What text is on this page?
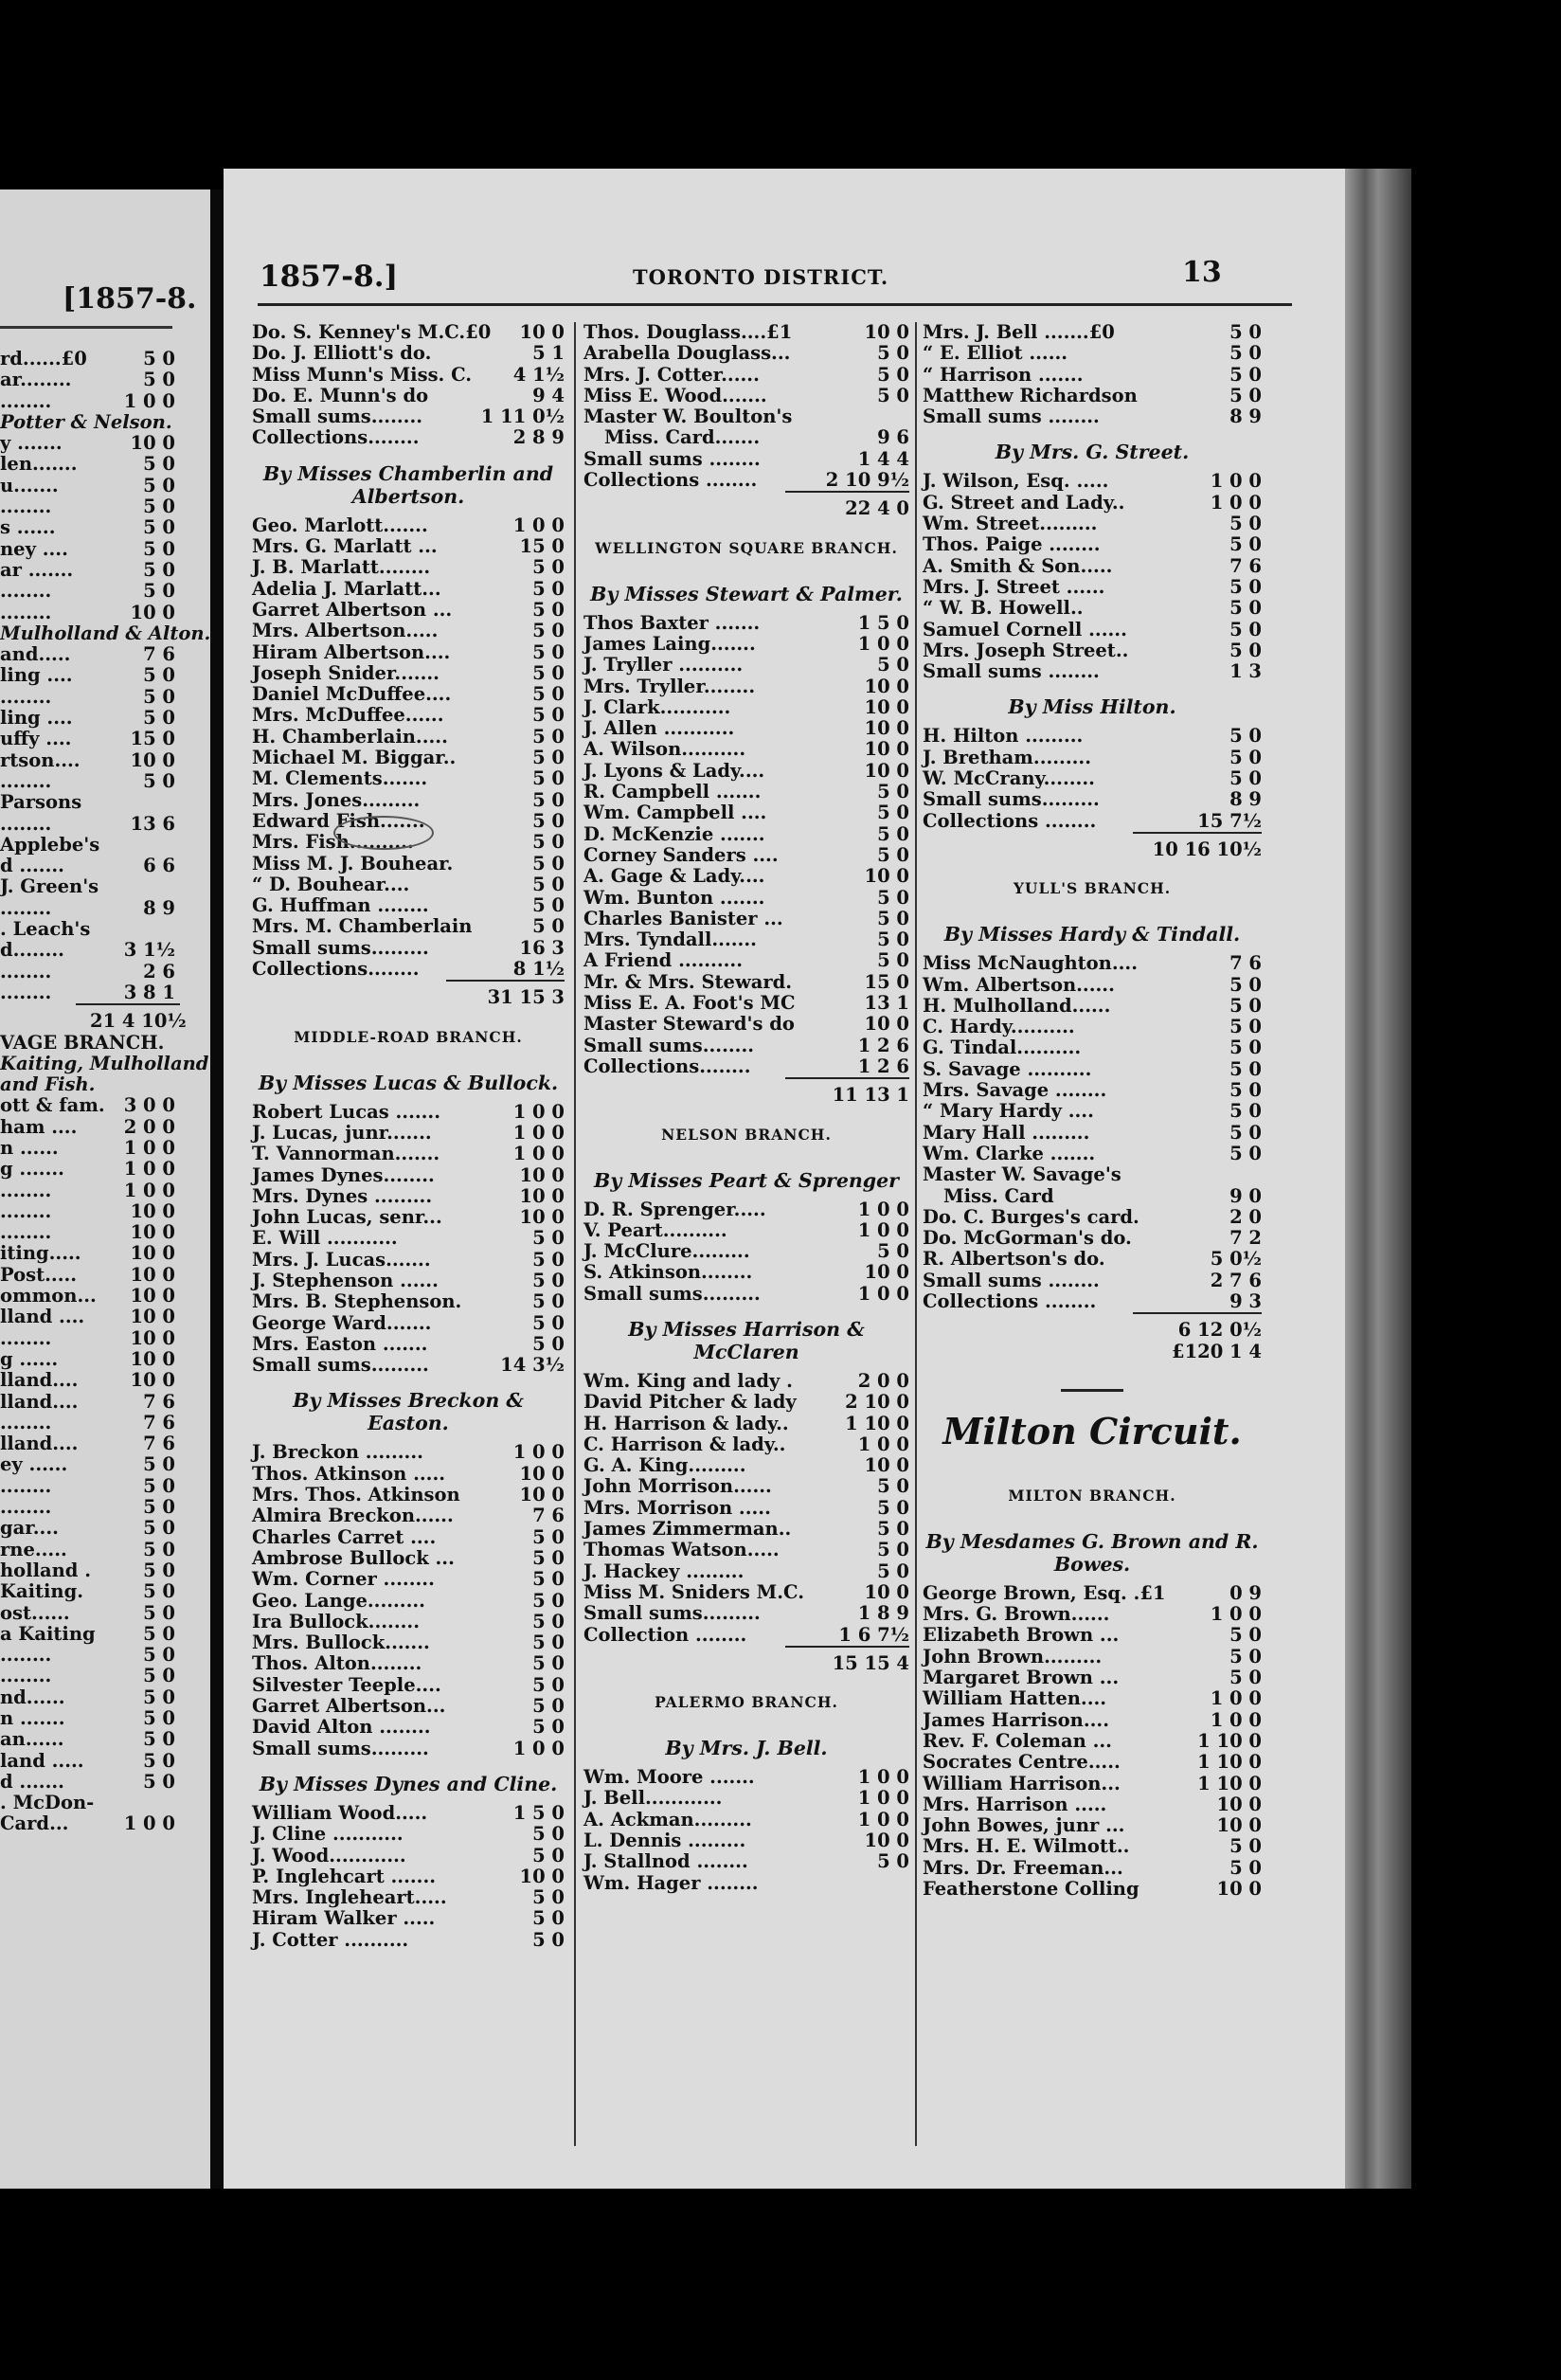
[1857-8.
rd......£0	5 0
ar........	5 0
........	1 0 0
Potter & Nelson.
y .......	10 0
len.......	5 0
u.......	5 0
........	5 0
s ......	5 0
ney ....	5 0
ar .......	5 0
........	5 0
........	10 0
Mulholland & Alton.
and.....	7 6
ling ....	5 0
........	5 0
ling ....	5 0
uffy ....	15 0
rtson....	10 0
........	5 0
Parsons
........	13 6
Applebe's
d .......	6 6
J. Green's
........	8 9
. Leach's
d........	3 1½
........	2 6
........	3 8 1
21 4 10½
VAGE BRANCH.
Kaiting, Mulholland
and Fish.
ott & fam.	3 0 0
ham ....	2 0 0
n ......	1 0 0
g .......	1 0 0
........	1 0 0
........	10 0
........	10 0
iting.....	10 0
Post.....	10 0
ommon...	10 0
lland ....	10 0
........	10 0
g ......	10 0
lland....	10 0
lland....	7 6
........	7 6
lland....	7 6
ey ......	5 0
........	5 0
........	5 0
gar....	5 0
rne.....	5 0
holland .	5 0
Kaiting.	5 0
ost......	5 0
a Kaiting	5 0
........	5 0
........	5 0
nd......	5 0
n .......	5 0
an......	5 0
land .....	5 0
d .......	5 0
. McDon-
Card...	1 0 0
1857-8.]	TORONTO DISTRICT.	13
Do. S. Kenney's M.C.£0 10 0
Do. J. Elliott's do.	5 1
Miss Munn's Miss. C. 4 1½
Do. E. Munn's do	9 4
Small sums........	1 11 0½
Collections........	2 8 9
By Misses Chamberlin and Albertson.
Geo. Marlott.......	1 0 0
Mrs. G. Marlatt ...	15 0
J. B. Marlatt........	5 0
Adelia J. Marlatt...	5 0
Garret Albertson ...	5 0
Mrs. Albertson.....	5 0
Hiram Albertson....	5 0
Joseph Snider.......	5 0
Daniel McDuffee....	5 0
Mrs. McDuffee......	5 0
H. Chamberlain.....	5 0
Michael M. Biggar..	5 0
M. Clements.......	5 0
Mrs. Jones.........	5 0
Edward Fish.......	5 0
Mrs. Fish..........	5 0
Miss M. J. Bouhear.	5 0
“ D. Bouhear....	5 0
G. Huffman ........	5 0
Mrs. M. Chamberlain	5 0
Small sums.........	16 3
Collections........	8 1½
31 15 3
MIDDLE-ROAD BRANCH.
By Misses Lucas & Bullock.
Robert Lucas .......	1 0 0
J. Lucas, junr.......	1 0 0
T. Vannorman.......	1 0 0
James Dynes........	10 0
Mrs. Dynes .........	10 0
John Lucas, senr...	10 0
E. Will ...........	5 0
Mrs. J. Lucas.......	5 0
J. Stephenson ......	5 0
Mrs. B. Stephenson.	5 0
George Ward.......	5 0
Mrs. Easton .......	5 0
Small sums.........	14 3½
By Misses Breckon & Easton.
J. Breckon .........	1 0 0
Thos. Atkinson .....	10 0
Mrs. Thos. Atkinson	10 0
Almira Breckon......	7 6
Charles Carret ....	5 0
Ambrose Bullock ...	5 0
Wm. Corner ........	5 0
Geo. Lange.........	5 0
Ira Bullock........	5 0
Mrs. Bullock.......	5 0
Thos. Alton........	5 0
Silvester Teeple....	5 0
Garret Albertson...	5 0
David Alton ........	5 0
Small sums.........	1 0 0
By Misses Dynes and Cline.
William Wood.....	1 5 0
J. Cline ...........	5 0
J. Wood............	5 0
P. Inglehcart .......	10 0
Mrs. Ingleheart.....	5 0
Hiram Walker .....	5 0
J. Cotter ..........	5 0
Thos. Douglass....£1	10 0
Arabella Douglass...	5 0
Mrs. J. Cotter......	5 0
Miss E. Wood.......	5 0
Master W. Boulton's
Miss. Card.......	9 6
Small sums ........	1 4 4
Collections ........	2 10 9½
22 4 0
WELLINGTON SQUARE BRANCH.
By Misses Stewart & Palmer.
Thos Baxter .......	1 5 0
James Laing.......	1 0 0
J. Tryller ..........	5 0
Mrs. Tryller........	10 0
J. Clark...........	10 0
J. Allen ...........	10 0
A. Wilson..........	10 0
J. Lyons & Lady....	10 0
R. Campbell .......	5 0
Wm. Campbell ....	5 0
D. McKenzie .......	5 0
Corney Sanders ....	5 0
A. Gage & Lady....	10 0
Wm. Bunton .......	5 0
Charles Banister ...	5 0
Mrs. Tyndall.......	5 0
A Friend ..........	5 0
Mr. & Mrs. Steward.	15 0
Miss E. A. Foot's MC	13 1
Master Steward's do	10 0
Small sums........	1 2 6
Collections........	1 2 6
11 13 1
NELSON BRANCH.
By Misses Peart & Sprenger
D. R. Sprenger.....	1 0 0
V. Peart..........	1 0 0
J. McClure.........	5 0
S. Atkinson........	10 0
Small sums.........	1 0 0
By Misses Harrison & McClaren
Wm. King and lady .	2 0 0
David Pitcher & lady	2 10 0
H. Harrison & lady..	1 10 0
C. Harrison & lady..	1 0 0
G. A. King.........	10 0
John Morrison......	5 0
Mrs. Morrison .....	5 0
James Zimmerman..	5 0
Thomas Watson.....	5 0
J. Hackey .........	5 0
Miss M. Sniders M.C.	10 0
Small sums.........	1 8 9
Collection ........	1 6 7½
15 15 4
PALERMO BRANCH.
By Mrs. J. Bell.
Wm. Moore .......	1 0 0
J. Bell............	1 0 0
A. Ackman.........	1 0 0
L. Dennis .........	10 0
J. Stallnod ........	5 0
Wm. Hager ........
Mrs. J. Bell .......£0	5 0
“ E. Elliot ......	5 0
“ Harrison .......	5 0
Matthew Richardson	5 0
Small sums ........	8 9
By Mrs. G. Street.
J. Wilson, Esq. .....	1 0 0
G. Street and Lady..	1 0 0
Wm. Street.........	5 0
Thos. Paige ........	5 0
A. Smith & Son.....	7 6
Mrs. J. Street ......	5 0
“ W. B. Howell..	5 0
Samuel Cornell ......	5 0
Mrs. Joseph Street..	5 0
Small sums ........	1 3
By Miss Hilton.
H. Hilton .........	5 0
J. Bretham.........	5 0
W. McCrany........	5 0
Small sums.........	8 9
Collections ........	15 7½
10 16 10½
YULL'S BRANCH.
By Misses Hardy & Tindall.
Miss McNaughton....	7 6
Wm. Albertson......	5 0
H. Mulholland......	5 0
C. Hardy..........	5 0
G. Tindal..........	5 0
S. Savage ..........	5 0
Mrs. Savage ........	5 0
“ Mary Hardy ....	5 0
Mary Hall .........	5 0
Wm. Clarke .......	5 0
Master W. Savage's
Miss. Card	9 0
Do. C. Burges's card.	2 0
Do. McGorman's do.	7 2
R. Albertson's do.	5 0½
Small sums ........	2 7 6
Collections ........	9 3
6 12 0½
£120 1 4
Milton Circuit.
MILTON BRANCH.
By Mesdames G. Brown and R. Bowes.
George Brown, Esq. .£1	0 9
Mrs. G. Brown......	1 0 0
Elizabeth Brown ...	5 0
John Brown.........	5 0
Margaret Brown ...	5 0
William Hatten....	1 0 0
James Harrison....	1 0 0
Rev. F. Coleman ...	1 10 0
Socrates Centre.....	1 10 0
William Harrison...	1 10 0
Mrs. Harrison .....	10 0
John Bowes, junr ...	10 0
Mrs. H. E. Wilmott..	5 0
Mrs. Dr. Freeman...	5 0
Featherstone Colling	10 0
